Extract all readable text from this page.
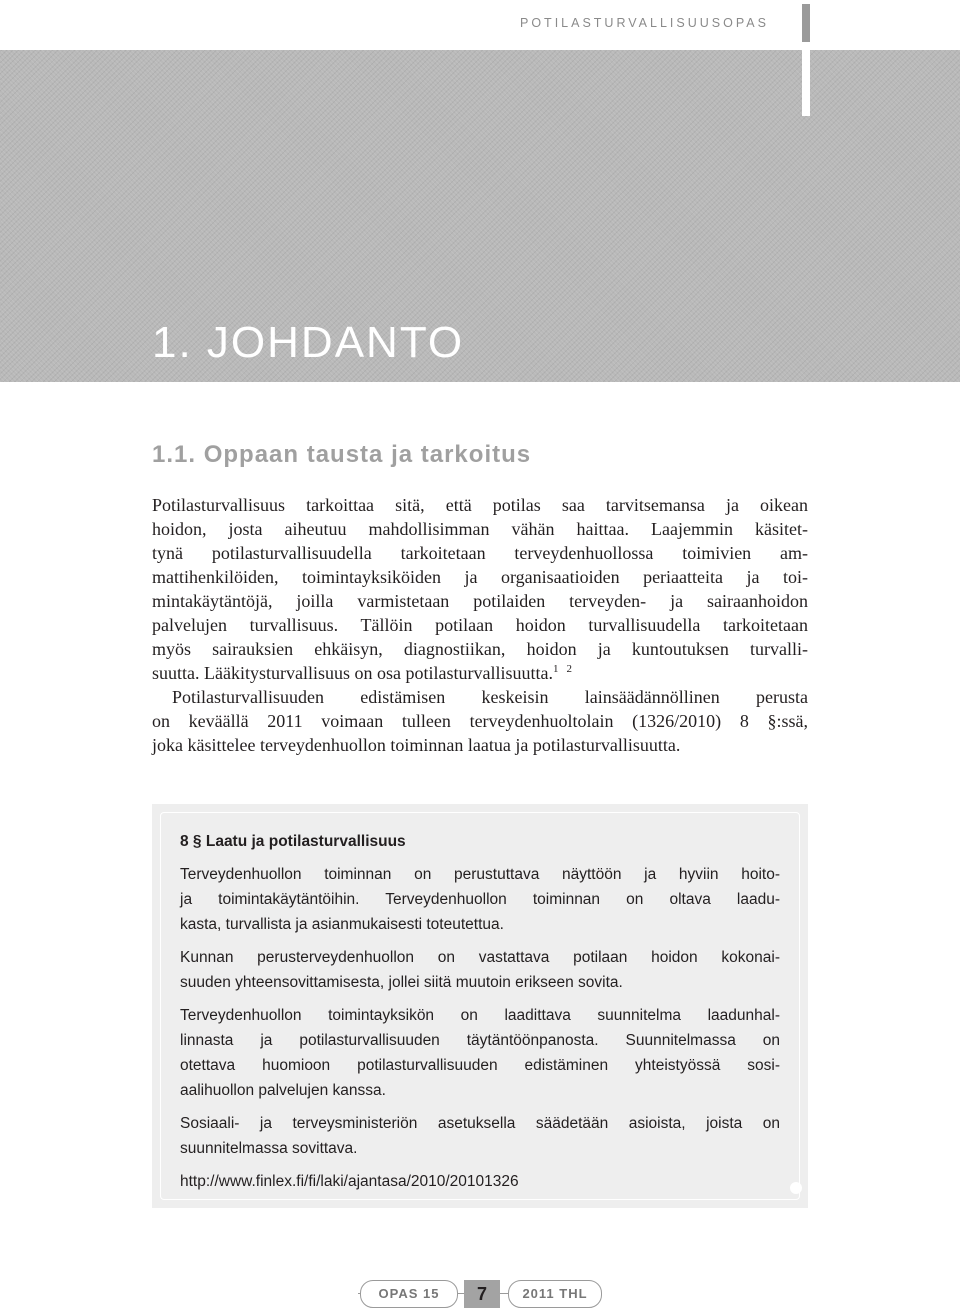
POTILASTURVALLISUUSOPAS
1. JOHDANTO
1.1. Oppaan tausta ja tarkoitus
Potilasturvallisuus tarkoittaa sitä, että potilas saa tarvitsemansa ja oikean
hoidon, josta aiheutuu mahdollisimman vähän haittaa. Laajemmin käsitet-
tynä potilasturvallisuudella tarkoitetaan terveydenhuollossa toimivien am-
mattihenkilöiden, toimintayksiköiden ja organisaatioiden periaatteita ja toi-
mintakäytäntöjä, joilla varmistetaan potilaiden terveyden- ja sairaanhoidon
palvelujen turvallisuus. Tällöin potilaan hoidon turvallisuudella tarkoitetaan
myös sairauksien ehkäisyn, diagnostiikan, hoidon ja kuntoutuksen turvalli-
suutta. Lääkitysturvallisuus on osa potilasturvallisuutta.$^1$ $^2$
Potilasturvallisuuden edistämisen keskeisin lainsäädännöllinen perusta
on keväällä 2011 voimaan tulleen terveydenhuoltolain (1326/2010) 8 §:ssä,
joka käsittelee terveydenhuollon toiminnan laatua ja potilasturvallisuutta.
8 § Laatu ja potilasturvallisuus
Terveydenhuollon toiminnan on perustuttava näyttöön ja hyviin hoito-
ja toimintakäytäntöihin. Terveydenhuollon toiminnan on oltava laadu-
kasta, turvallista ja asianmukaisesti toteutettua.
Kunnan perusterveydenhuollon on vastattava potilaan hoidon kokonai-
suuden yhteensovittamisesta, jollei siitä muutoin erikseen sovita.
Terveydenhuollon toimintayksikön on laadittava suunnitelma laadunhal-
linnasta ja potilasturvallisuuden täytäntöönpanosta. Suunnitelmassa on
otettava huomioon potilasturvallisuuden edistäminen yhteistyössä sosi-
aalihuollon palvelujen kanssa.
Sosiaali- ja terveysministeriön asetuksella säädetään asioista, joista on
suunnitelmassa sovittava.
http://www.finlex.fi/fi/laki/ajantasa/2010/20101326
OPAS 15	7	2011 THL
